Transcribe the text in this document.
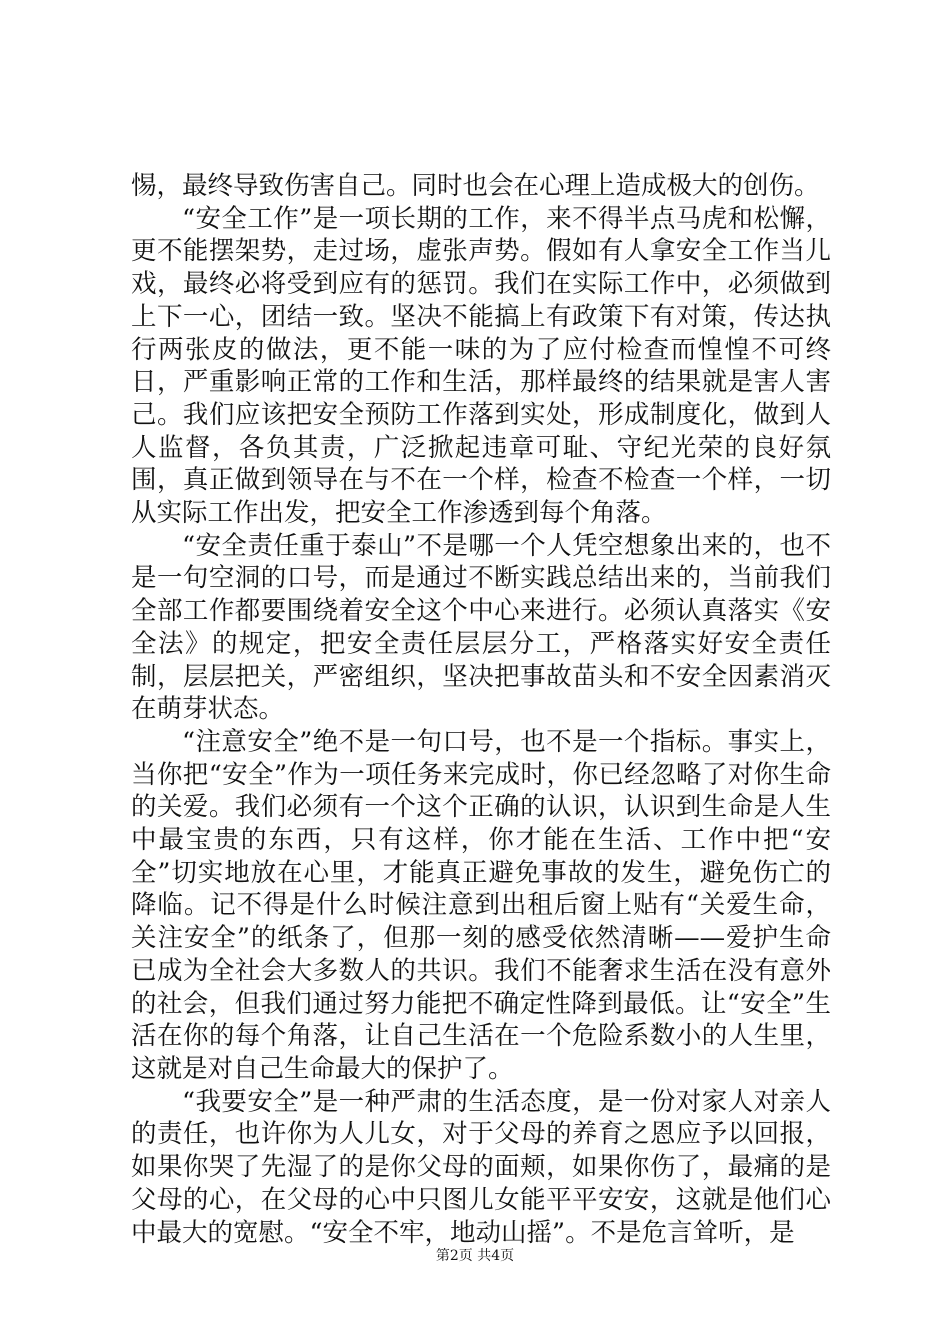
惕，最终导致伤害自己。同时也会在心理上造成极大的创伤。

“安全工作”是一项长期的工作，来不得半点马虎和松懈，更不能摆架势，走过场，虚张声势。假如有人拿安全工作当儿戏，最终必将受到应有的惩罚。我们在实际工作中，必须做到上下一心，团结一致。坚决不能搞上有政策下有对策，传达执行两张皮的做法，更不能一味的为了应付检查而惶惶不可终日，严重影响正常的工作和生活，那样最终的结果就是害人害己。我们应该把安全预防工作落到实处，形成制度化，做到人人监督，各负其责，广泛掀起违章可耻、守纪光荣的良好氛围，真正做到领导在与不在一个样，检查不检查一个样，一切从实际工作出发，把安全工作渗透到每个角落。

“安全责任重于泰山”不是哪一个人凭空想象出来的，也不是一句空洞的口号，而是通过不断实践总结出来的，当前我们全部工作都要围绕着安全这个中心来进行。必须认真落实《安全法》的规定，把安全责任层层分工，严格落实好安全责任制，层层把关，严密组织，坚决把事故苗头和不安全因素消灭在萌芽状态。

“注意安全”绝不是一句口号，也不是一个指标。事实上，当你把“安全”作为一项任务来完成时，你已经忽略了对你生命的关爱。我们必须有一个这个正确的认识，认识到生命是人生中最宝贵的东西，只有这样，你才能在生活、工作中把“安全”切实地放在心里，才能真正避免事故的发生，避免伤亡的降临。记不得是什么时候注意到出租后窗上贴有“关爱生命，关注安全”的纸条了，但那一刻的感受依然清晰——爱护生命已成为全社会大多数人的共识。我们不能奢求生活在没有意外的社会，但我们通过努力能把不确定性降到最低。让“安全”生活在你的每个角落，让自己生活在一个危险系数小的人生里，这就是对自己生命最大的保护了。

“我要安全”是一种严肃的生活态度，是一份对家人对亲人的责任，也许你为人儿女，对于父母的养育之恩应予以回报，如果你哭了先湿了的是你父母的面颊，如果你伤了，最痛的是父母的心，在父母的心中只图儿女能平平安安，这就是他们心中最大的宽慰。“安全不牢，地动山摇”。不是危言耸听，是

第2页 共4页
